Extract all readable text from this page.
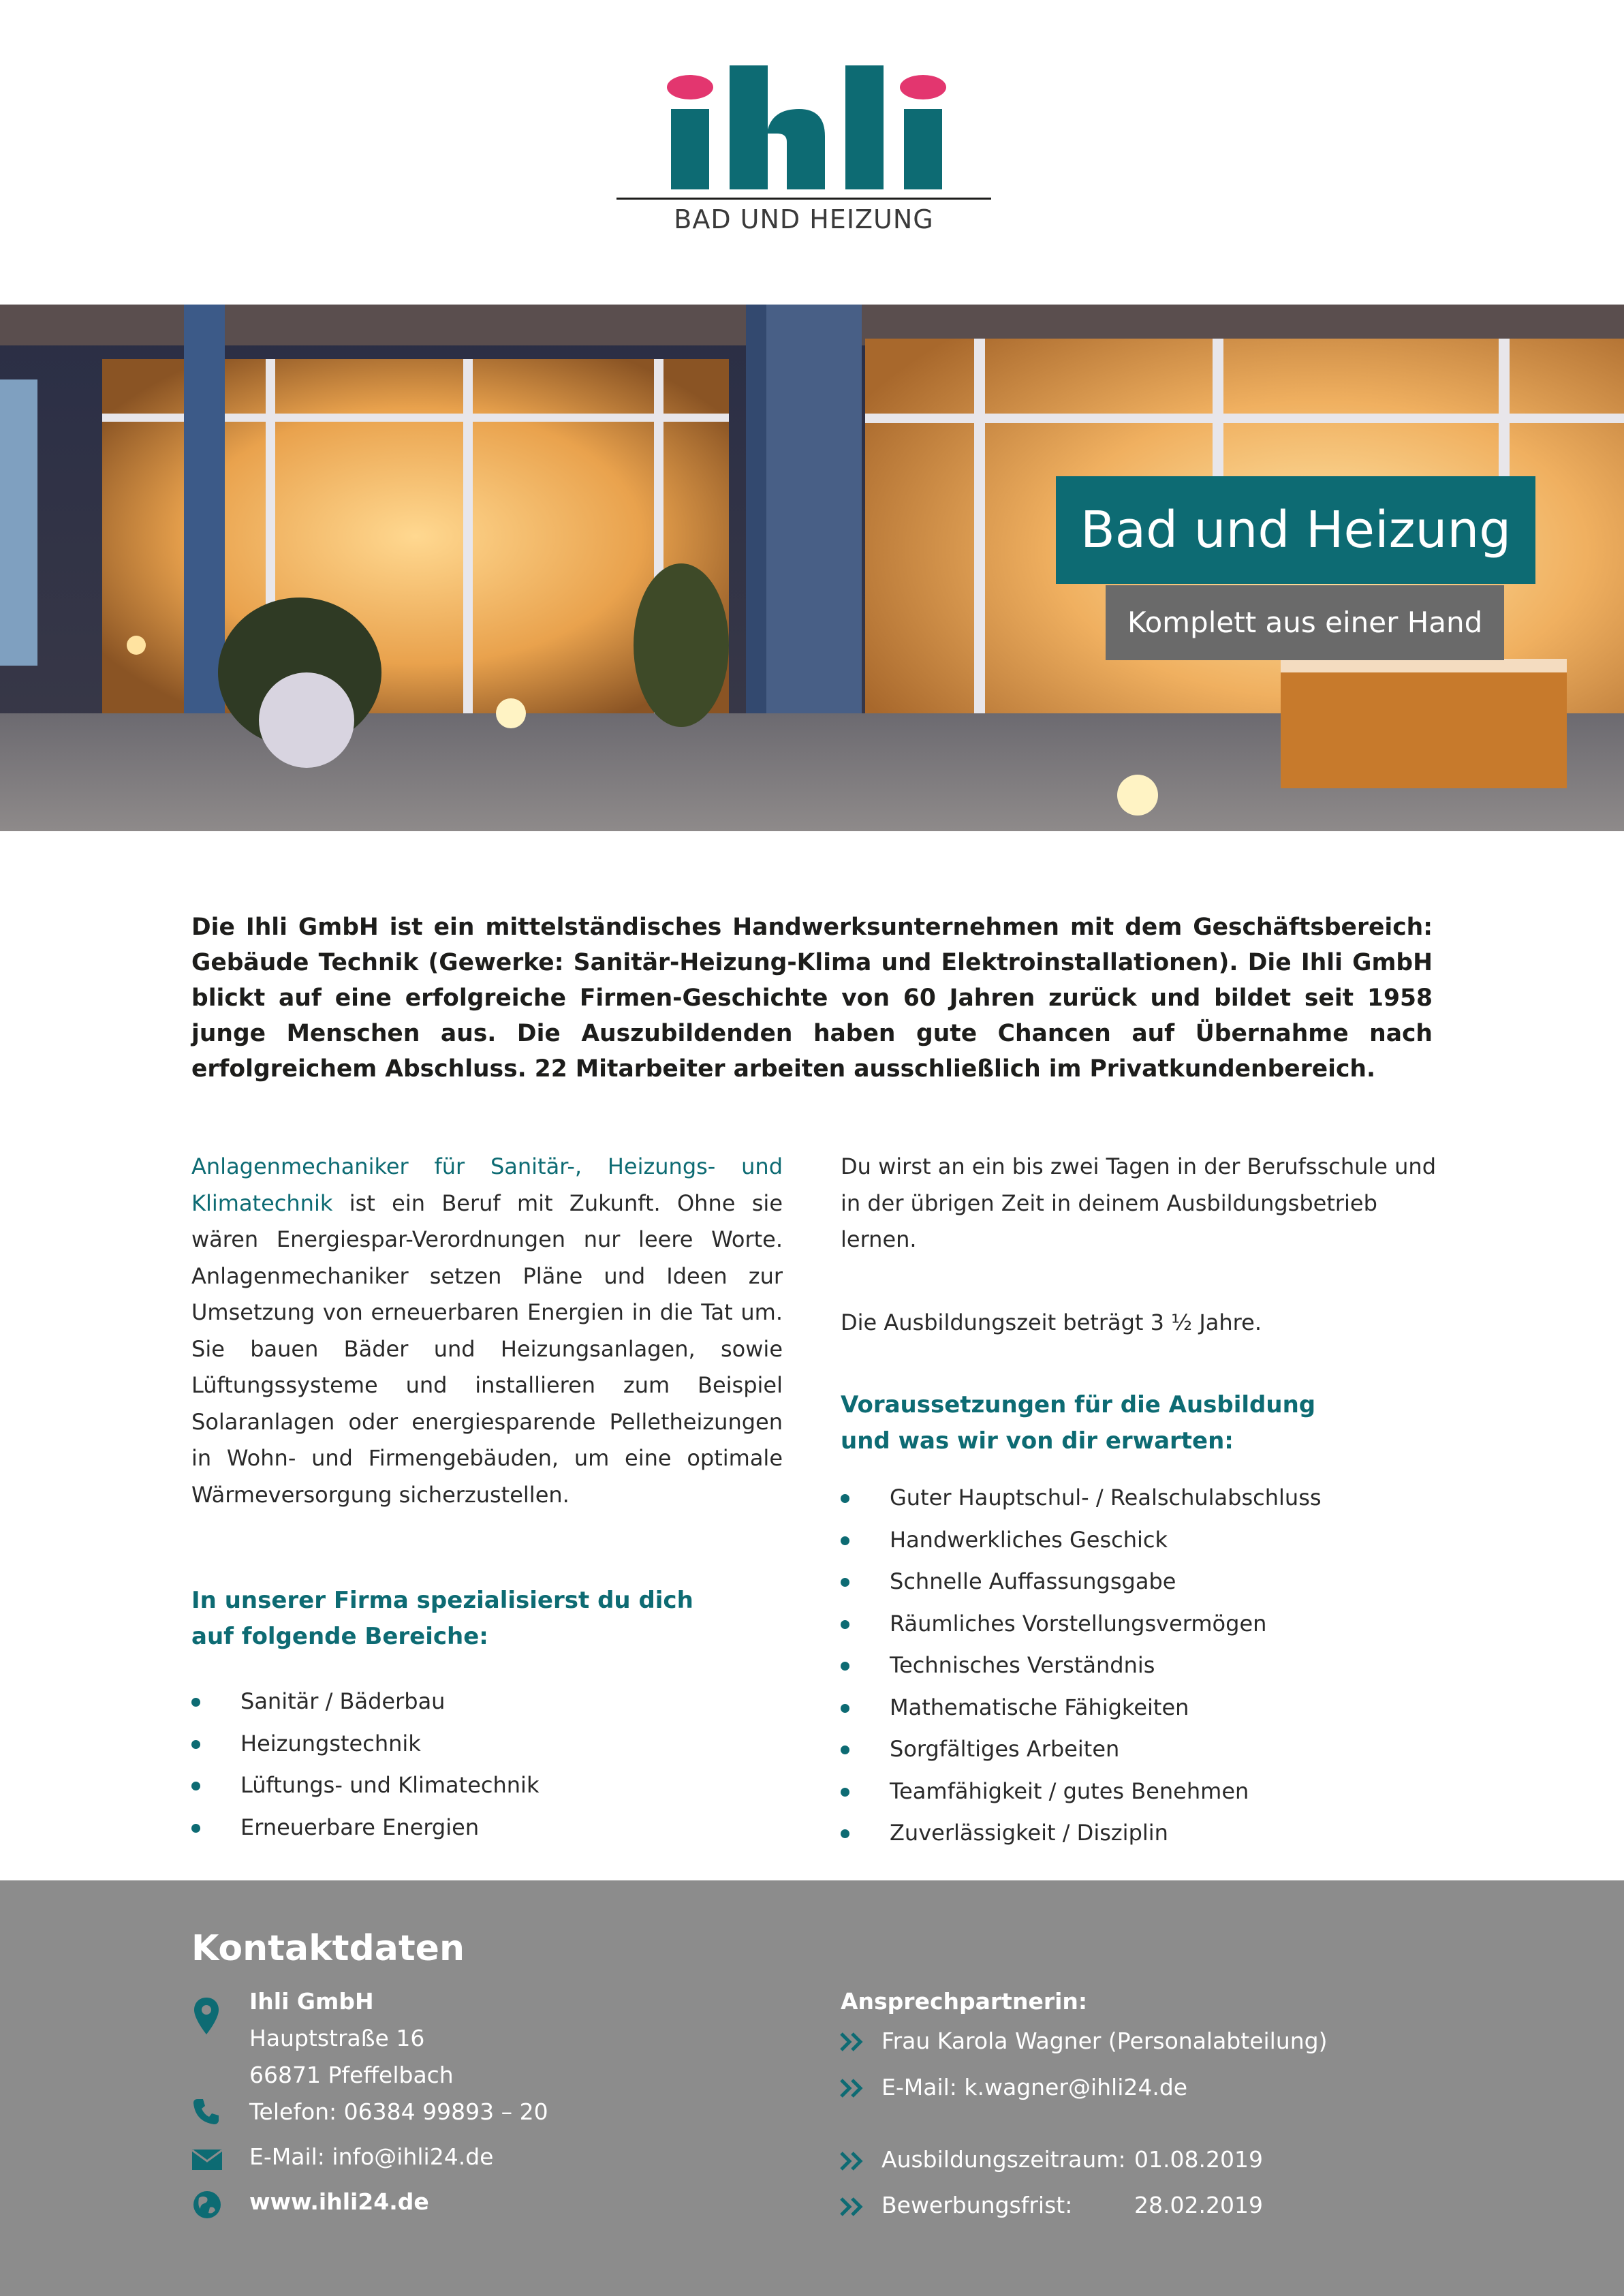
BAD UND HEIZUNG
Bad und Heizung
Komplett aus einer Hand
Die Ihli GmbH ist ein mittelständisches Handwerksunternehmen mit dem Geschäftsbereich: Gebäude Technik (Gewerke: Sanitär-Heizung-Klima und Elektroinstallationen). Die Ihli GmbH blickt auf eine erfolgreiche Firmen-Geschichte von 60 Jahren zurück und bildet seit 1958 junge Menschen aus. Die Auszubildenden haben gute Chancen auf Übernahme nach erfolgreichem Abschluss. 22 Mitarbeiter arbeiten ausschließlich im Privatkundenbereich.

Anlagenmechaniker für Sanitär-, Heizungs- und Klimatechnik ist ein Beruf mit Zukunft. Ohne sie wären Energiespar-Verordnungen nur leere Worte. Anlagenmechaniker setzen Pläne und Ideen zur Umsetzung von erneuerbaren Energien in die Tat um. Sie bauen Bäder und Heizungsanlagen, sowie Lüftungssysteme und installieren zum Beispiel Solaranlagen oder energiesparende Pelletheizungen in Wohn- und Firmengebäuden, um eine optimale Wärmeversorgung sicherzustellen.

In unserer Firma spezialisierst du dich

auf folgende Bereiche:

Sanitär / Bäderbau
Heizungstechnik
Lüftungs- und Klimatechnik
Erneuerbare Energien

Du wirst an ein bis zwei Tagen in der Berufsschule und in der übrigen Zeit in deinem Ausbildungsbetrieb lernen.

Die Ausbildungszeit beträgt 3 ½ Jahre.

Voraussetzungen für die Ausbildung

und was wir von dir erwarten:

Guter Hauptschul- / Realschulabschluss
Handwerkliches Geschick
Schnelle Auffassungsgabe
Räumliches Vorstellungsvermögen
Technisches Verständnis
Mathematische Fähigkeiten
Sorgfältiges Arbeiten
Teamfähigkeit / gutes Benehmen
Zuverlässigkeit / Disziplin
Kontaktdaten
Ihli GmbH
Hauptstraße 16
66871 Pfeffelbach
Telefon: 06384 99893 – 20
E-Mail: info@ihli24.de
www.ihli24.de
Ansprechpartnerin:
Frau Karola Wagner (Personalabteilung)
E-Mail: k.wagner@ihli24.de
Ausbildungszeitraum: 01.08.2019
Bewerbungsfrist:	28.02.2019
